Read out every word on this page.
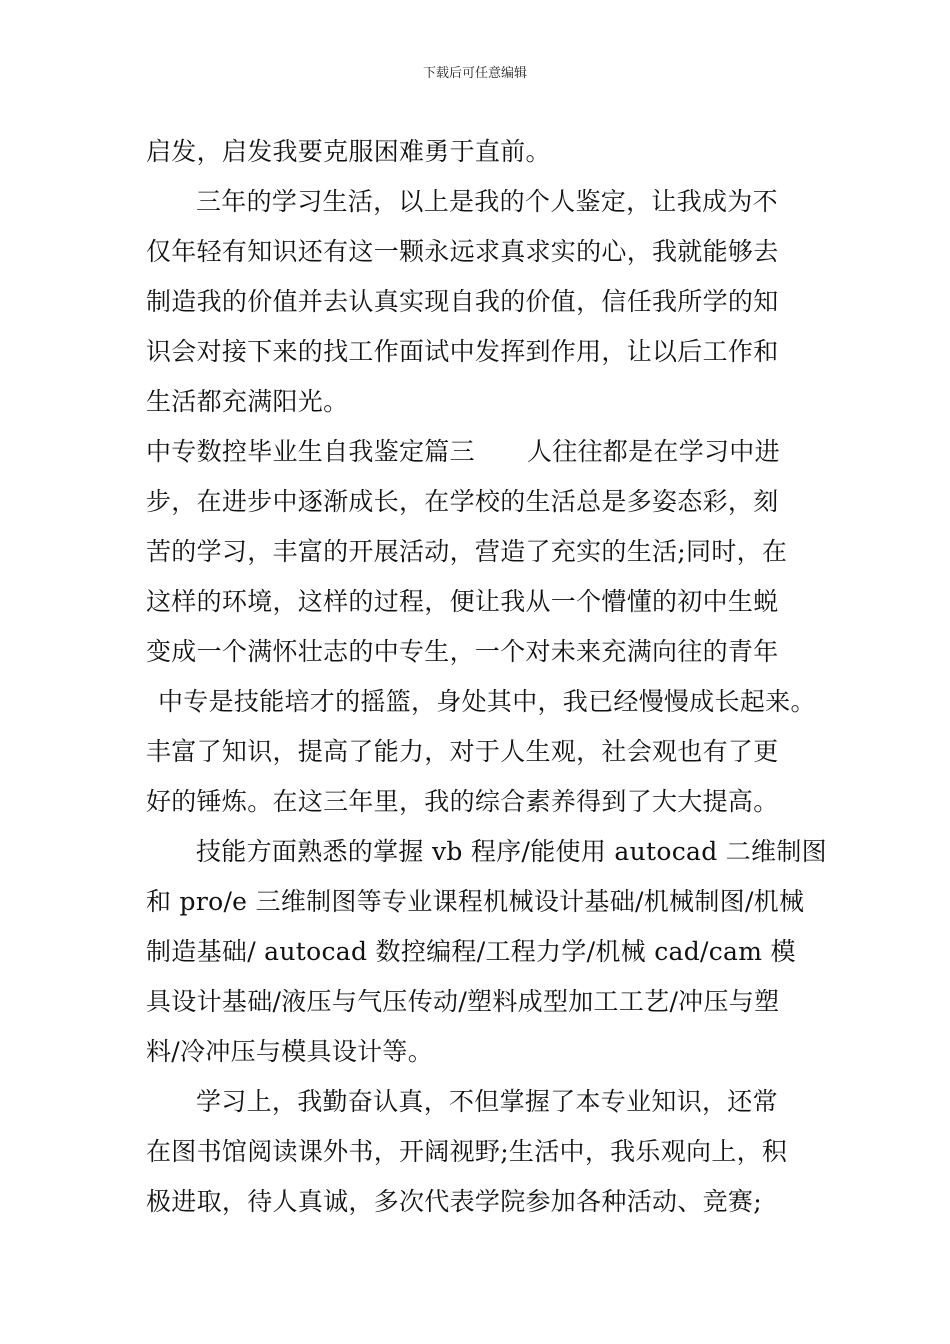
下载后可任意编辑
启发，启发我要克服困难勇于直前。
三年的学习生活，以上是我的个人鉴定，让我成为不
仅年轻有知识还有这一颗永远求真求实的心，我就能够去
制造我的价值并去认真实现自我的价值，信任我所学的知
识会对接下来的找工作面试中发挥到作用，让以后工作和
生活都充满阳光。
中专数控毕业生自我鉴定篇三 人往往都是在学习中进
步，在进步中逐渐成长，在学校的生活总是多姿态彩，刻
苦的学习，丰富的开展活动，营造了充实的生活;同时，在
这样的环境，这样的过程，便让我从一个懵懂的初中生蜕
变成一个满怀壮志的中专生，一个对未来充满向往的青年
中专是技能培才的摇篮，身处其中，我已经慢慢成长起来。
丰富了知识，提高了能力，对于人生观，社会观也有了更
好的锤炼。在这三年里，我的综合素养得到了大大提高。
技能方面熟悉的掌握 vb 程序/能使用 autocad 二维制图
和 pro/e 三维制图等专业课程机械设计基础/机械制图/机械
制造基础/ autocad 数控编程/工程力学/机械 cad/cam 模
具设计基础/液压与气压传动/塑料成型加工工艺/冲压与塑
料/冷冲压与模具设计等。
学习上，我勤奋认真，不但掌握了本专业知识，还常
在图书馆阅读课外书，开阔视野;生活中，我乐观向上，积
极进取，待人真诚，多次代表学院参加各种活动、竞赛;
